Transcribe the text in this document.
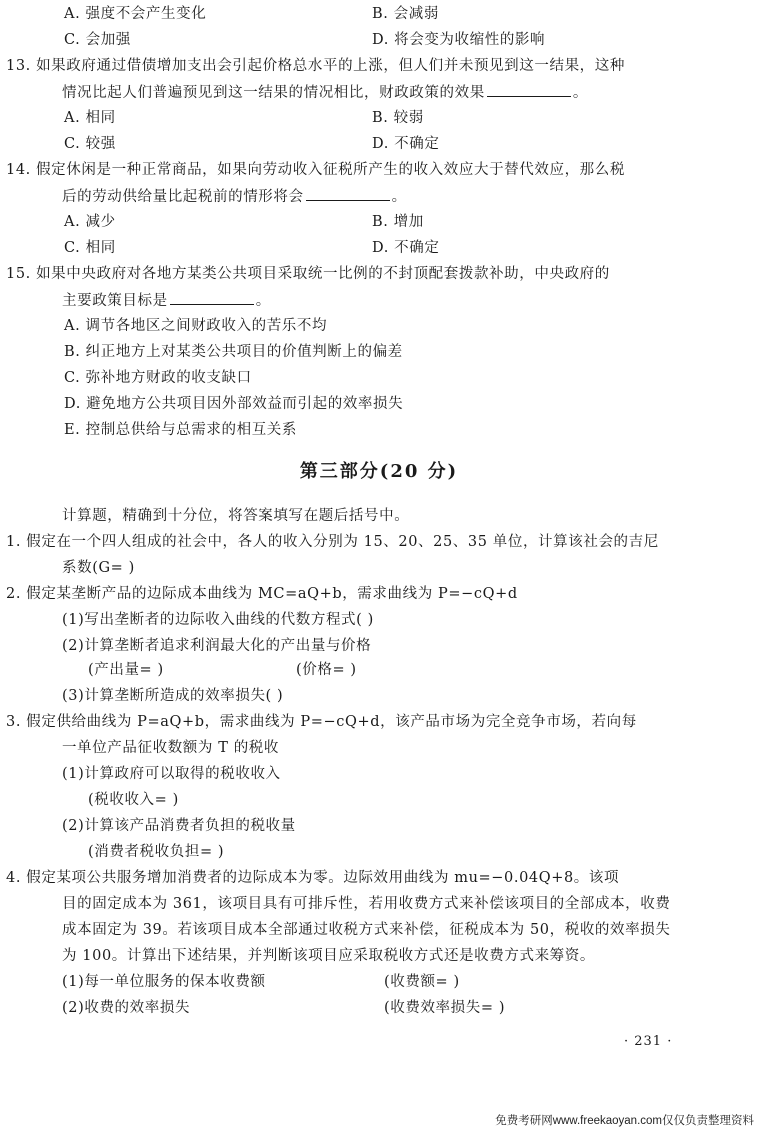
A. 强度不会产生变化	B. 会减弱
C. 会加强	D. 将会变为收缩性的影响
13. 如果政府通过借债增加支出会引起价格总水平的上涨，但人们并未预见到这一结果，这种
情况比起人们普遍预见到这一结果的情况相比，财政政策的效果	。
A. 相同	B. 较弱
C. 较强	D. 不确定
14. 假定休闲是一种正常商品，如果向劳动收入征税所产生的收入效应大于替代效应，那么税
后的劳动供给量比起税前的情形将会	。
A. 减少	B. 增加
C. 相同	D. 不确定
15. 如果中央政府对各地方某类公共项目采取统一比例的不封顶配套拨款补助，中央政府的
主要政策目标是	。
A. 调节各地区之间财政收入的苦乐不均
B. 纠正地方上对某类公共项目的价值判断上的偏差
C. 弥补地方财政的收支缺口
D. 避免地方公共项目因外部效益而引起的效率损失
E. 控制总供给与总需求的相互关系
第三部分(20 分)
计算题，精确到十分位，将答案填写在题后括号中。
1. 假定在一个四人组成的社会中，各人的收入分别为 15、20、25、35 单位，计算该社会的吉尼
系数(G= )
2. 假定某垄断产品的边际成本曲线为 MC=aQ+b，需求曲线为 P=−cQ+d
(1)写出垄断者的边际收入曲线的代数方程式( )
(2)计算垄断者追求利润最大化的产出量与价格
(产出量= )	(价格= )
(3)计算垄断所造成的效率损失( )
3. 假定供给曲线为 P=aQ+b，需求曲线为 P=−cQ+d，该产品市场为完全竞争市场，若向每
一单位产品征收数额为 T 的税收
(1)计算政府可以取得的税收收入
(税收收入= )
(2)计算该产品消费者负担的税收量
(消费者税收负担= )
4. 假定某项公共服务增加消费者的边际成本为零。边际效用曲线为 mu=−0.04Q+8。该项
目的固定成本为 361，该项目具有可排斥性，若用收费方式来补偿该项目的全部成本，收费
成本固定为 39。若该项目成本全部通过收税方式来补偿，征税成本为 50，税收的效率损失
为 100。计算出下述结果，并判断该项目应采取税收方式还是收费方式来筹资。
(1)每一单位服务的保本收费额	(收费额= )
(2)收费的效率损失	(收费效率损失= )
· 231 ·
免费考研网www.freekaoyan.com仅仅负责整理资料
